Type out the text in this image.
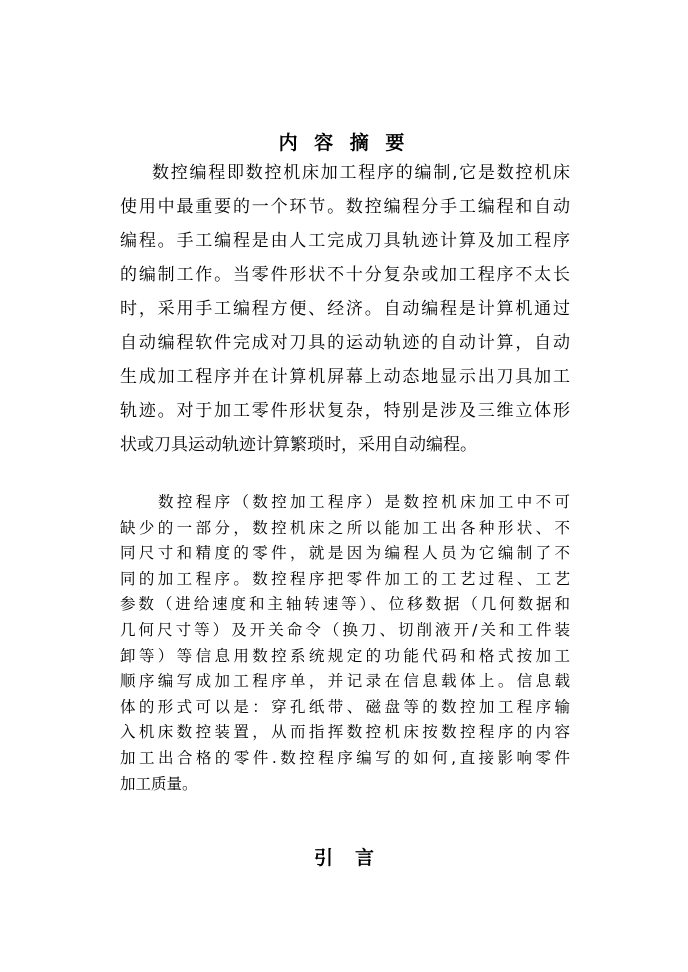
内 容 摘 要
数控编程即数控机床加工程序的编制,它是数控机床
使用中最重要的一个环节。数控编程分手工编程和自动
编程。手工编程是由人工完成刀具轨迹计算及加工程序
的编制工作。当零件形状不十分复杂或加工程序不太长
时，采用手工编程方便、经济。自动编程是计算机通过
自动编程软件完成对刀具的运动轨迹的自动计算，自动
生成加工程序并在计算机屏幕上动态地显示出刀具加工
轨迹。对于加工零件形状复杂，特别是涉及三维立体形
状或刀具运动轨迹计算繁琐时，采用自动编程。
数控程序（数控加工程序）是数控机床加工中不可
缺少的一部分，数控机床之所以能加工出各种形状、不
同尺寸和精度的零件，就是因为编程人员为它编制了不
同的加工程序。数控程序把零件加工的工艺过程、工艺
参数（进给速度和主轴转速等）、位移数据（几何数据和
几何尺寸等）及开关命令（换刀、切削液开/关和工件装
卸等）等信息用数控系统规定的功能代码和格式按加工
顺序编写成加工程序单，并记录在信息载体上。信息载
体的形式可以是：穿孔纸带、磁盘等的数控加工程序输
入机床数控装置，从而指挥数控机床按数控程序的内容
加工出合格的零件.数控程序编写的如何,直接影响零件
加工质量。
引言
